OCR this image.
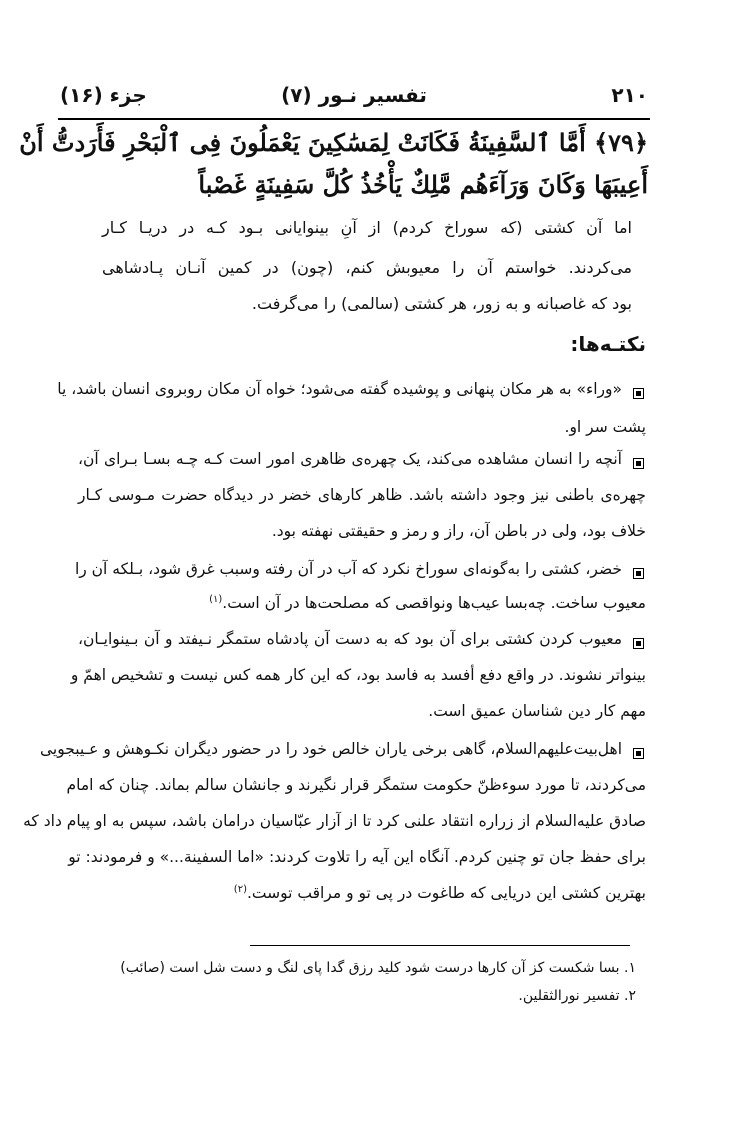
۲۱۰
تفسیر نـور (۷)
جزء (۱۶)
﴿۷۹﴾ أَمَّا ٱلسَّفِينَةُ فَكَانَتْ لِمَسَٰكِينَ يَعْمَلُونَ فِى ٱلْبَحْرِ فَأَرَدتُّ أَنْ
أَعِيبَهَا وَكَانَ وَرَآءَهُم مَّلِكٌ يَأْخُذُ كُلَّ سَفِينَةٍ غَصْباً
اما آن کشتی (که سوراخ کردم) از آنِ بینوایانی بـود کـه در دریـا کـار
می‌کردند. خواستم آن را معیوبش کنم، (چون) در کمین آنـان پـادشاهی
بود که غاصبانه و به زور، هر کشتی (سالمی) را می‌گرفت.
نکتـه‌ها:
«وراء» به هر مکان پنهانی و پوشیده گفته می‌شود؛ خواه آن مکان روبروی انسان باشد، یا
پشت سر او.
آنچه را انسان مشاهده می‌کند، یک چهره‌ی ظاهری امور است کـه چـه بسـا بـرای آن،
چهره‌ی باطنی نیز وجود داشته باشد. ظاهر کارهای خضر در دیدگاه حضرت مـوسی کـار
خلاف بود، ولی در باطن آن، راز و رمز و حقیقتی نهفته بود.
خضر، کشتی را به‌گونه‌ای سوراخ نکرد که آب در آن رفته وسبب غرق شود، بـلکه آن را
معیوب ساخت. چه‌بسا عیب‌ها ونواقصی که مصلحت‌ها در آن است.$^{(۱)}$
معیوب کردن کشتی برای آن بود که به دست آن پادشاه ستمگر نـیفتد و آن بـینوایـان،
بینواتر نشوند. در واقع دفع أفسد به فاسد بود، که این کار همه کس نیست و تشخیص اهمّ و
مهم کار دین شناسان عمیق است.
اهل‌بیت‌علیهم‌السلام، گاهی برخی یاران خالص خود را در حضور دیگران نکـوهش و عـیبجویی
می‌کردند، تا مورد سوءظنّ حکومت ستمگر قرار نگیرند و جانشان سالم بماند. چنان که امام
صادق علیه‌السلام از زراره انتقاد علنی کرد تا از آزار عبّاسیان درامان باشد، سپس به او پیام داد که
برای حفظ جان تو چنین کردم. آنگاه این آیه را تلاوت کردند: «اما السفینة...» و فرمودند: تو
بهترین کشتی این دریایی که طاغوت در پی تو و مراقب توست.$^{(۲)}$
۱. بسا شکست کز آن کارها درست شود کلید رزق گدا پای لنگ و دست شل است (صائب)
۲. تفسیر نورالثقلین.
